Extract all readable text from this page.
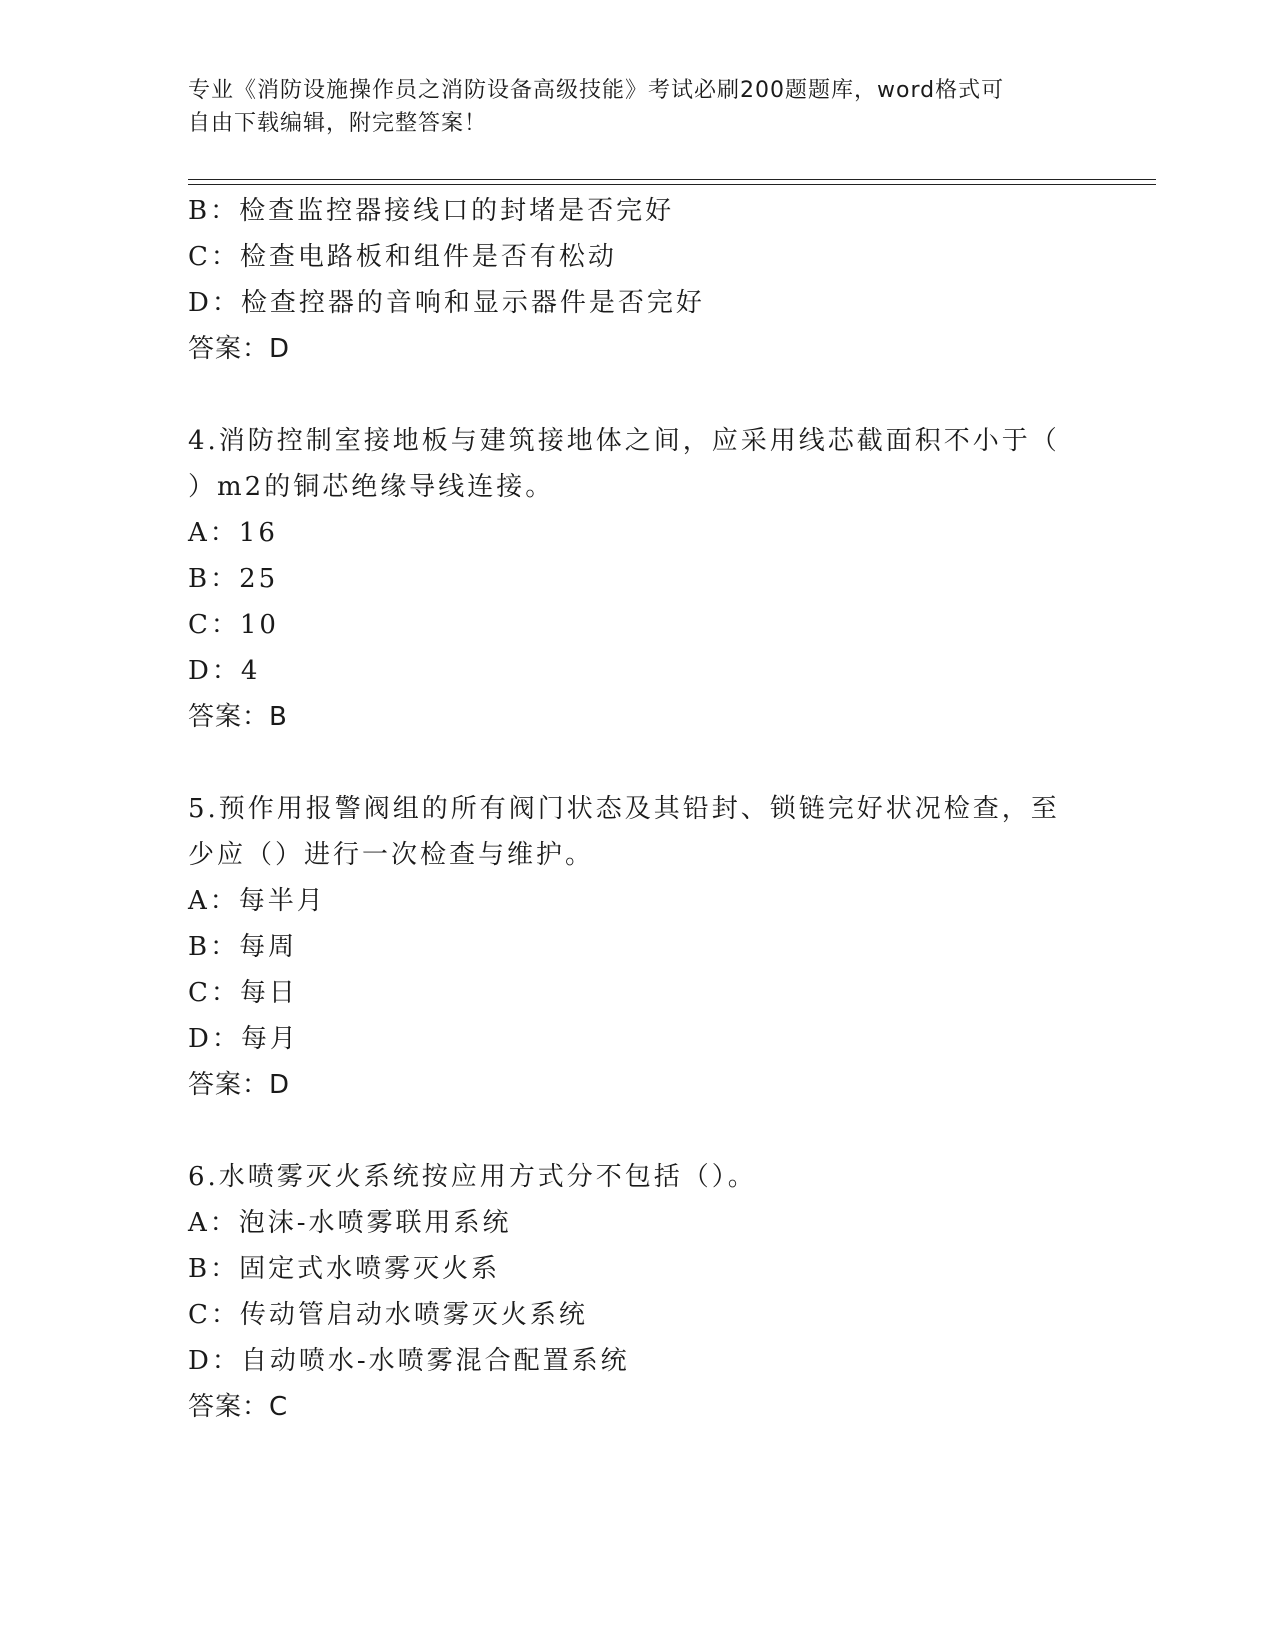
专业《消防设施操作员之消防设备高级技能》考试必刷200题题库，word格式可
自由下载编辑，附完整答案！
B：检查监控器接线口的封堵是否完好
C：检查电路板和组件是否有松动
D：检查控器的音响和显示器件是否完好
答案：D
4.消防控制室接地板与建筑接地体之间，应采用线芯截面积不小于（
）m2的铜芯绝缘导线连接。
A：16
B：25
C：10
D：4
答案：B
5.预作用报警阀组的所有阀门状态及其铅封、锁链完好状况检查，至
少应（）进行一次检查与维护。
A：每半月
B：每周
C：每日
D：每月
答案：D
6.水喷雾灭火系统按应用方式分不包括（）。
A：泡沫-水喷雾联用系统
B：固定式水喷雾灭火系
C：传动管启动水喷雾灭火系统
D：自动喷水-水喷雾混合配置系统
答案：C
